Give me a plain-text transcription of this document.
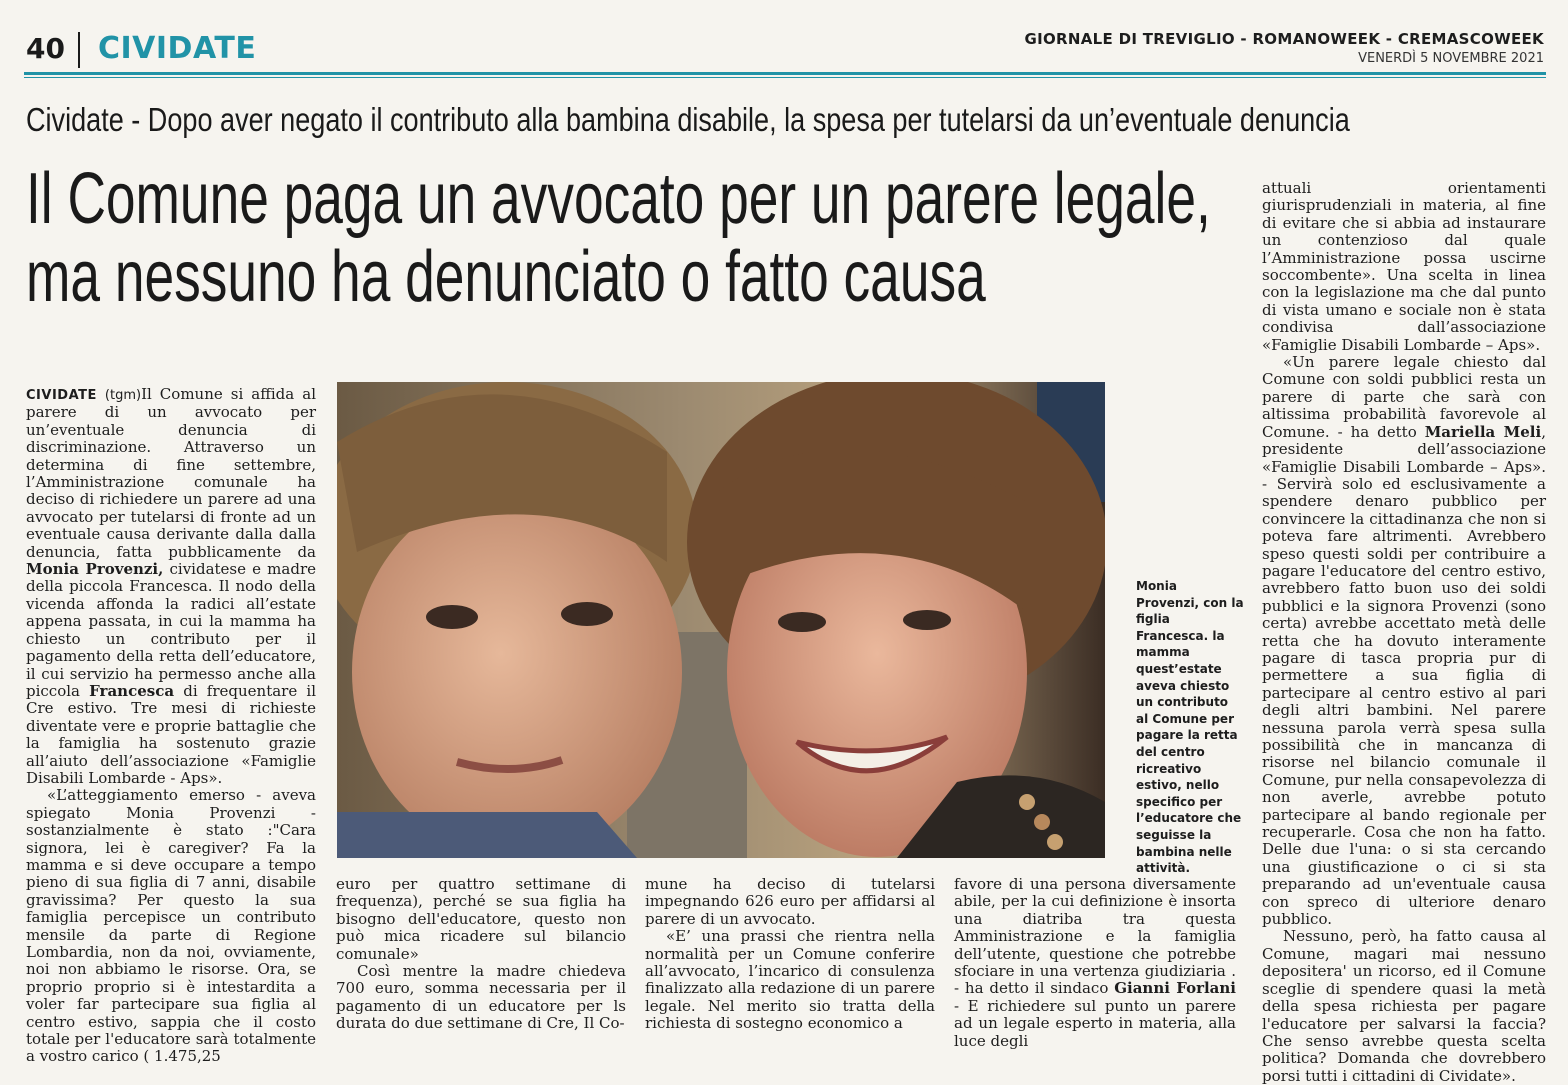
40 CIVIDATE	GIORNALE DI TREVIGLIO - ROMANOWEEK - CREMASCOWEEK
VENERDÌ 5 NOVEMBRE 2021
Cividate - Dopo aver negato il contributo alla bambina disabile, la spesa per tutelarsi da un’eventuale denuncia
Il Comune paga un avvocato per un parere legale,
ma nessuno ha denunciato o fatto causa

CIVIDATE (tgm)Il Comune si affida al parere di un avvocato per un’eventuale denuncia di discriminazione. Attraverso un determina di fine settembre, l’Amministrazione comunale ha deciso di richiedere un parere ad una avvocato per tutelarsi di fronte ad un eventuale causa derivante dalla dalla denuncia, fatta pubblicamente da Monia Provenzi, cividatese e madre della piccola Francesca. Il nodo della vicenda affonda la radici all’estate appena passata, in cui la mamma ha chiesto un contributo per il pagamento della retta dell’educatore, il cui servizio ha permesso anche alla piccola Francesca di frequentare il Cre estivo. Tre mesi di richieste diventate vere e proprie battaglie che la famiglia ha sostenuto grazie all’aiuto dell’associazione «Famiglie Disabili Lombarde - Aps».

«L’atteggiamento emerso - aveva spiegato Monia Provenzi - sostanzialmente è stato :"Cara signora, lei è caregiver? Fa la mamma e si deve occupare a tempo pieno di sua figlia di 7 anni, disabile gravissima? Per questo la sua famiglia percepisce un contributo mensile da parte di Regione Lombardia, non da noi, ovviamente, noi non abbiamo le risorse. Ora, se proprio proprio si è intestardita a voler far partecipare sua figlia al centro estivo, sappia che il costo totale per l'educatore sarà totalmente a vostro carico ( 1.475,25

Monia Provenzi, con la figlia Francesca. la mamma quest’estate aveva chiesto un contributo al Comune per pagare la retta del centro ricreativo estivo, nello specifico per l’educatore che seguisse la bambina nelle attività.

euro per quattro settimane di frequenza), perché se sua figlia ha bisogno dell'educatore, questo non può mica ricadere sul bilancio comunale»

Così mentre la madre chiedeva 700 euro, somma necessaria per il pagamento di un educatore per ls durata do due settimane di Cre, Il Co-

mune ha deciso di tutelarsi impegnando 626 euro per affidarsi al parere di un avvocato.

«E’ una prassi che rientra nella normalità per un Comune conferire all’avvocato, l’incarico di consulenza finalizzato alla redazione di un parere legale. Nel merito sio tratta della richiesta di sostegno economico a

favore di una persona diversamente abile, per la cui definizione è insorta una diatriba tra questa Amministrazione e la famiglia dell’utente, questione che potrebbe sfociare in una vertenza giudiziaria . - ha detto il sindaco Gianni Forlani - E richiedere sul punto un parere ad un legale esperto in materia, alla luce degli

attuali orientamenti giurisprudenziali in materia, al fine di evitare che si abbia ad instaurare un contenzioso dal quale l’Amministrazione possa uscirne soccombente». Una scelta in linea con la legislazione ma che dal punto di vista umano e sociale non è stata condivisa dall’associazione «Famiglie Disabili Lombarde – Aps».

«Un parere legale chiesto dal Comune con soldi pubblici resta un parere di parte che sarà con altissima probabilità favorevole al Comune. - ha detto Mariella Meli, presidente dell’associazione «Famiglie Disabili Lombarde – Aps». - Servirà solo ed esclusivamente a spendere denaro pubblico per convincere la cittadinanza che non si poteva fare altrimenti. Avrebbero speso questi soldi per contribuire a pagare l'educatore del centro estivo, avrebbero fatto buon uso dei soldi pubblici e la signora Provenzi (sono certa) avrebbe accettato metà delle retta che ha dovuto interamente pagare di tasca propria pur di permettere a sua figlia di partecipare al centro estivo al pari degli altri bambini. Nel parere nessuna parola verrà spesa sulla possibilità che in mancanza di risorse nel bilancio comunale il Comune, pur nella consapevolezza di non averle, avrebbe potuto partecipare al bando regionale per recuperarle. Cosa che non ha fatto. Delle due l'una: o si sta cercando una giustificazione o ci si sta preparando ad un'eventuale causa con spreco di ulteriore denaro pubblico.

Nessuno, però, ha fatto causa al Comune, magari mai nessuno depositera' un ricorso, ed il Comune sceglie di spendere quasi la metà della spesa richiesta per pagare l'educatore per salvarsi la faccia? Che senso avrebbe questa scelta politica? Domanda che dovrebbero porsi tutti i cittadini di Cividate».
